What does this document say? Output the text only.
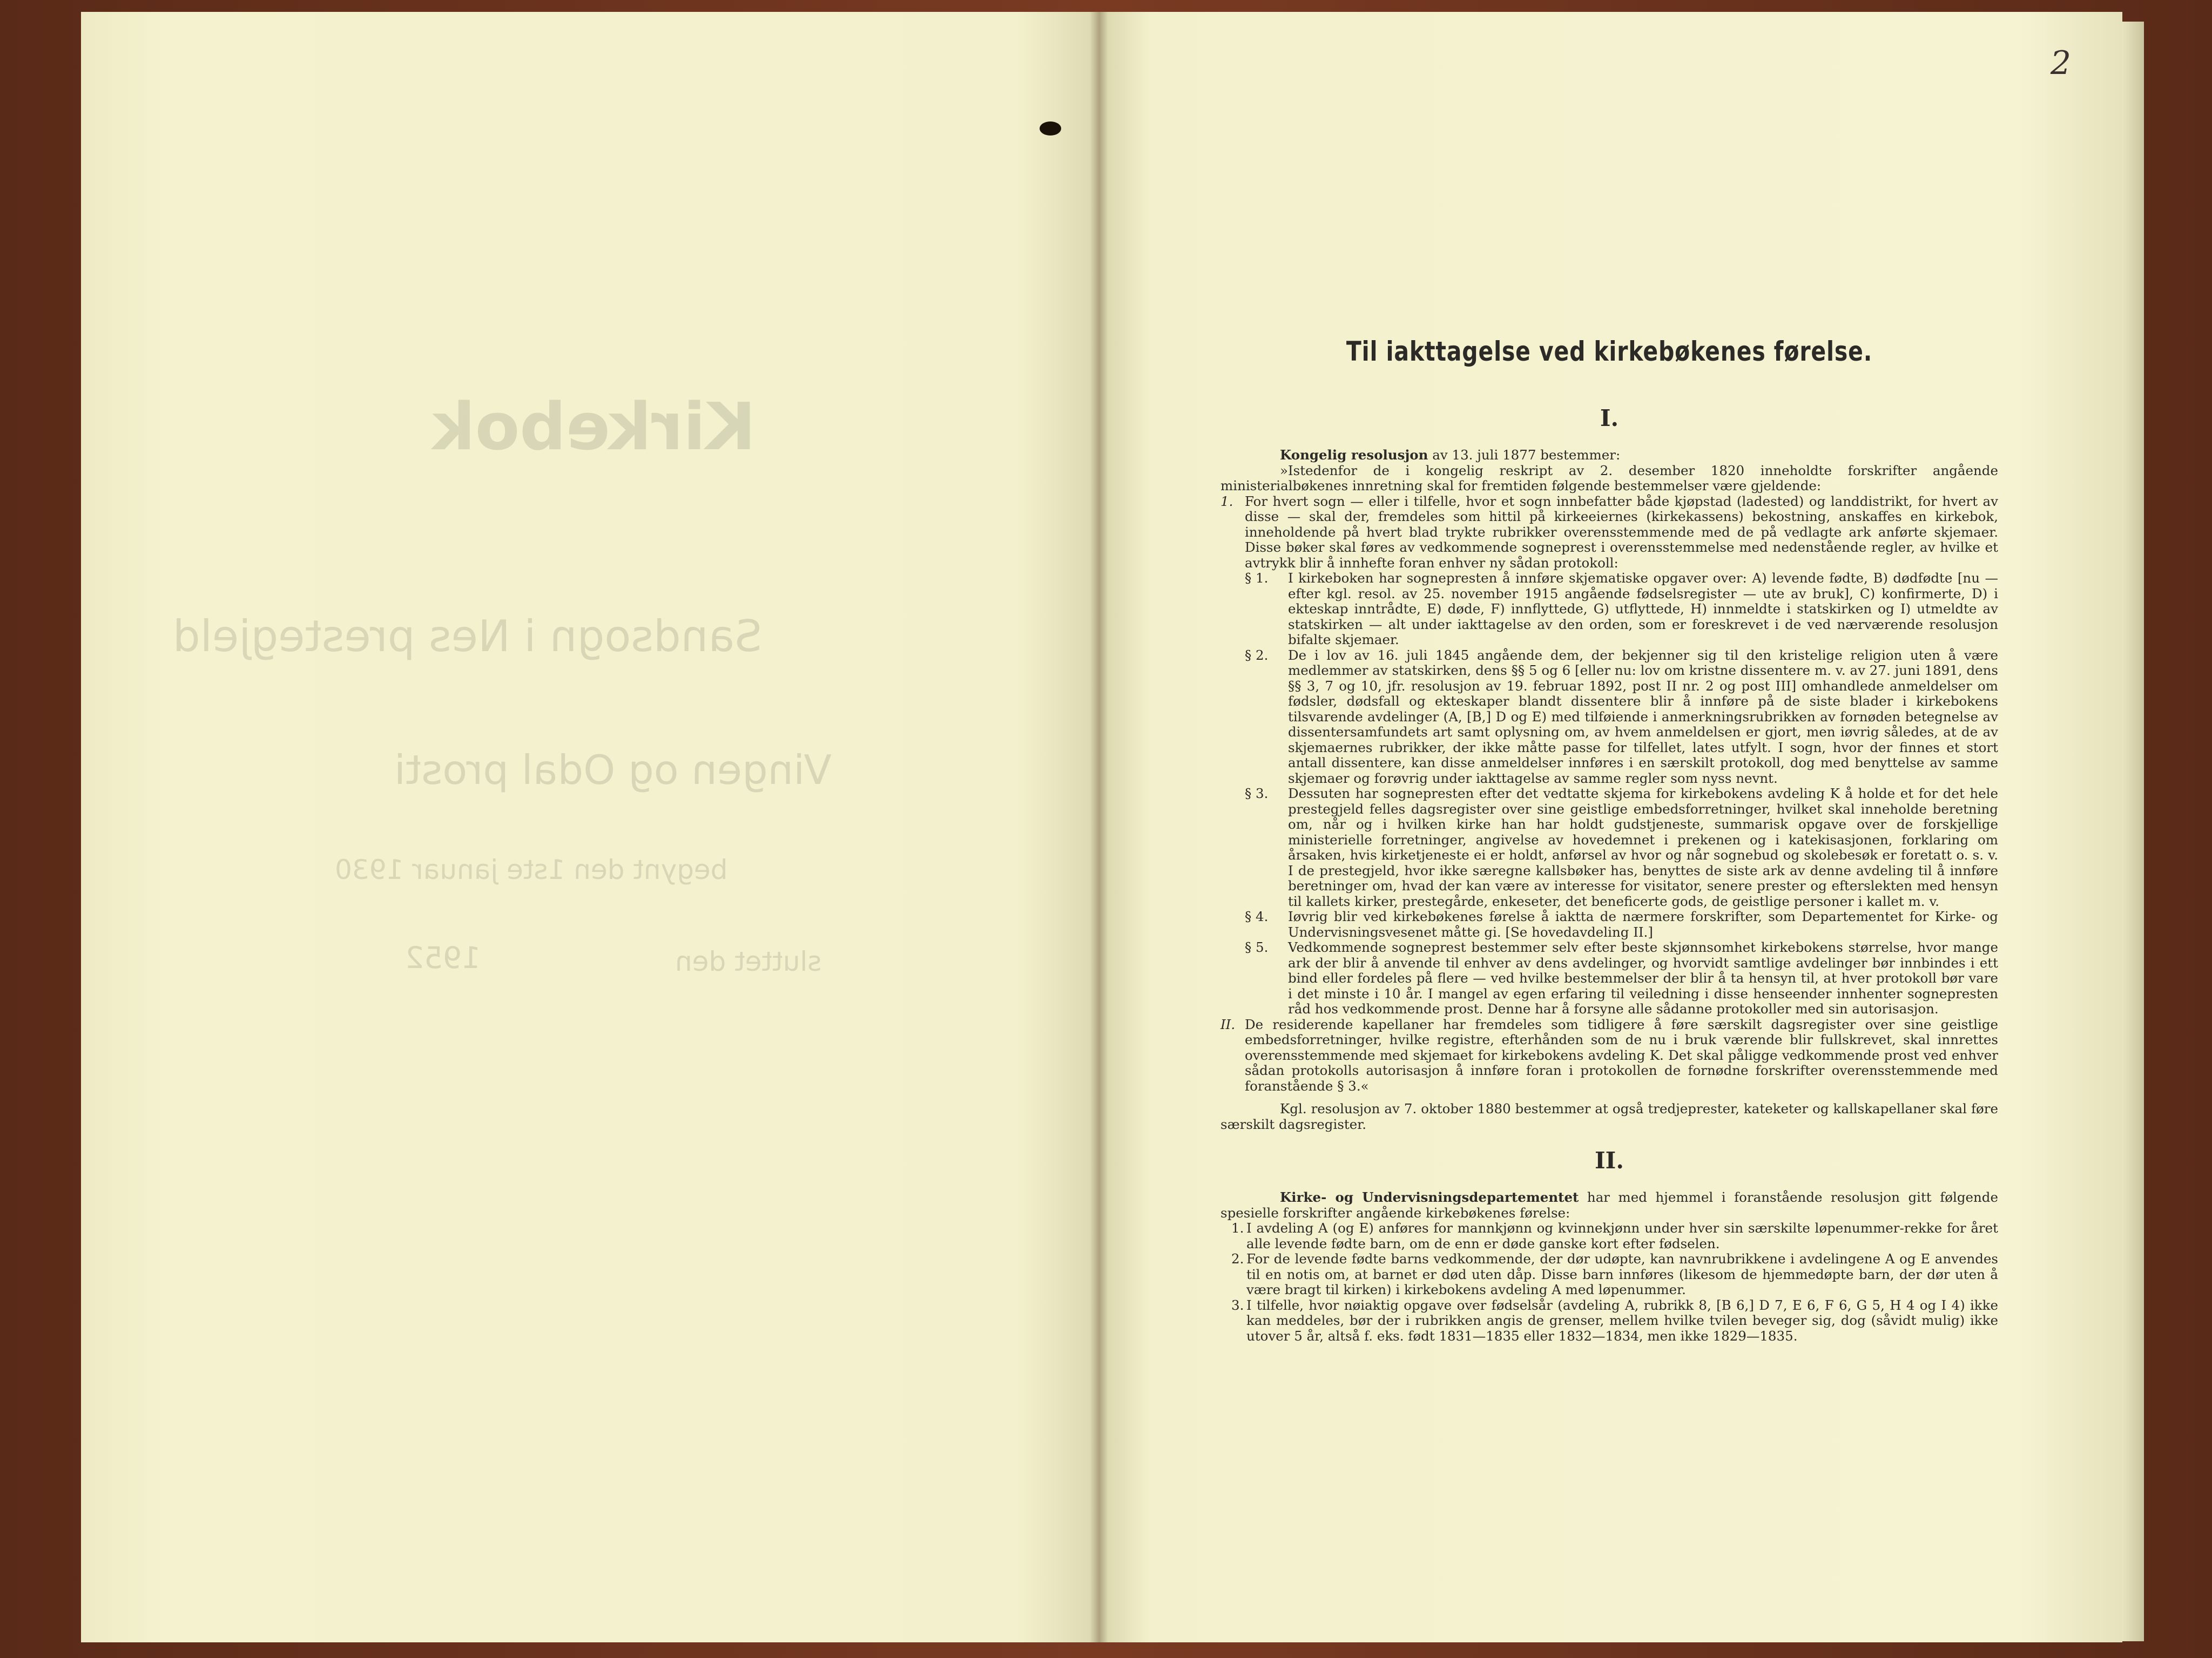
Kirkebok
Sandsogn i Nes prestegjeld
Vingen og Odal prosti
begynt den 1ste januar 1930
sluttet den
1952
2
Til iakttagelse ved kirkebøkenes førelse.
I.

Kongelig resolusjon av 13. juli 1877 bestemmer:

»Istedenfor de i kongelig reskript av 2. desember 1820 inneholdte forskrifter angående ministerialbøkenes innretning skal for fremtiden følgende bestemmelser være gjeldende:

1. For hvert sogn — eller i tilfelle, hvor et sogn innbefatter både kjøpstad (ladested) og landdistrikt, for hvert av disse — skal der, fremdeles som hittil på kirkeeiernes (kirkekassens) bekostning, anskaffes en kirkebok, inneholdende på hvert blad trykte rubrikker overensstemmende med de på vedlagte ark anførte skjemaer. Disse bøker skal føres av vedkommende sogneprest i overensstemmelse med nedenstående regler, av hvilke et avtrykk blir å innhefte foran enhver ny sådan protokoll:
§ 1. I kirkeboken har sognepresten å innføre skjematiske opgaver over: A) levende fødte, B) dødfødte [nu — efter kgl. resol. av 25. november 1915 angående fødselsregister — ute av bruk], C) konfirmerte, D) i ekteskap inntrådte, E) døde, F) innflyttede, G) utflyttede, H) innmeldte i statskirken og I) utmeldte av statskirken — alt under iakttagelse av den orden, som er foreskrevet i de ved nærværende resolusjon bifalte skjemaer.
§ 2. De i lov av 16. juli 1845 angående dem, der bekjenner sig til den kristelige religion uten å være medlemmer av statskirken, dens §§ 5 og 6 [eller nu: lov om kristne dissentere m. v. av 27. juni 1891, dens §§ 3, 7 og 10, jfr. resolusjon av 19. februar 1892, post II nr. 2 og post III] omhandlede anmeldelser om fødsler, dødsfall og ekteskaper blandt dissentere blir å innføre på de siste blader i kirkebokens tilsvarende avdelinger (A, [B,] D og E) med tilføiende i anmerkningsrubrikken av fornøden betegnelse av dissentersamfundets art samt oplysning om, av hvem anmeldelsen er gjort, men iøvrig således, at de av skjemaernes rubrikker, der ikke måtte passe for tilfellet, lates utfylt. I sogn, hvor der finnes et stort antall dissentere, kan disse anmeldelser innføres i en særskilt protokoll, dog med benyttelse av samme skjemaer og forøvrig under iakttagelse av samme regler som nyss nevnt.
§ 3. Dessuten har sognepresten efter det vedtatte skjema for kirkebokens avdeling K å holde et for det hele prestegjeld felles dagsregister over sine geistlige embedsforretninger, hvilket skal inneholde beretning om, når og i hvilken kirke han har holdt gudstjeneste, summarisk opgave over de forskjellige ministerielle forretninger, angivelse av hovedemnet i prekenen og i katekisasjonen, forklaring om årsaken, hvis kirketjeneste ei er holdt, anførsel av hvor og når sognebud og skolebesøk er foretatt o. s. v. I de prestegjeld, hvor ikke særegne kallsbøker has, benyttes de siste ark av denne avdeling til å innføre beretninger om, hvad der kan være av interesse for visitator, senere prester og efterslekten med hensyn til kallets kirker, prestegårde, enkeseter, det beneficerte gods, de geistlige personer i kallet m. v.
§ 4. Iøvrig blir ved kirkebøkenes førelse å iaktta de nærmere forskrifter, som Departementet for Kirke- og Undervisningsvesenet måtte gi. [Se hovedavdeling II.]
§ 5. Vedkommende sogneprest bestemmer selv efter beste skjønnsomhet kirkebokens størrelse, hvor mange ark der blir å anvende til enhver av dens avdelinger, og hvorvidt samtlige avdelinger bør innbindes i ett bind eller fordeles på flere — ved hvilke bestemmelser der blir å ta hensyn til, at hver protokoll bør vare i det minste i 10 år. I mangel av egen erfaring til veiledning i disse henseender innhenter sognepresten råd hos vedkommende prost. Denne har å forsyne alle sådanne protokoller med sin autorisasjon.
II. De residerende kapellaner har fremdeles som tidligere å føre særskilt dagsregister over sine geistlige embedsforretninger, hvilke registre, efterhånden som de nu i bruk værende blir fullskrevet, skal innrettes overensstemmende med skjemaet for kirkebokens avdeling K. Det skal påligge vedkommende prost ved enhver sådan protokolls autorisasjon å innføre foran i protokollen de fornødne forskrifter overensstemmende med foranstående § 3.«

Kgl. resolusjon av 7. oktober 1880 bestemmer at også tredjeprester, kateketer og kallskapellaner skal føre særskilt dagsregister.

II.

Kirke- og Undervisningsdepartementet har med hjemmel i foranstående resolusjon gitt følgende spesielle forskrifter angående kirkebøkenes førelse:

1. I avdeling A (og E) anføres for mannkjønn og kvinnekjønn under hver sin særskilte løpenummer-rekke for året alle levende fødte barn, om de enn er døde ganske kort efter fødselen.
2. For de levende fødte barns vedkommende, der dør udøpte, kan navnrubrikkene i avdelingene A og E anvendes til en notis om, at barnet er død uten dåp. Disse barn innføres (likesom de hjemmedøpte barn, der dør uten å være bragt til kirken) i kirkebokens avdeling A med løpenummer.
3. I tilfelle, hvor nøiaktig opgave over fødselsår (avdeling A, rubrikk 8, [B 6,] D 7, E 6, F 6, G 5, H 4 og I 4) ikke kan meddeles, bør der i rubrikken angis de grenser, mellem hvilke tvilen beveger sig, dog (såvidt mulig) ikke utover 5 år, altså f. eks. født 1831—1835 eller 1832—1834, men ikke 1829—1835.
